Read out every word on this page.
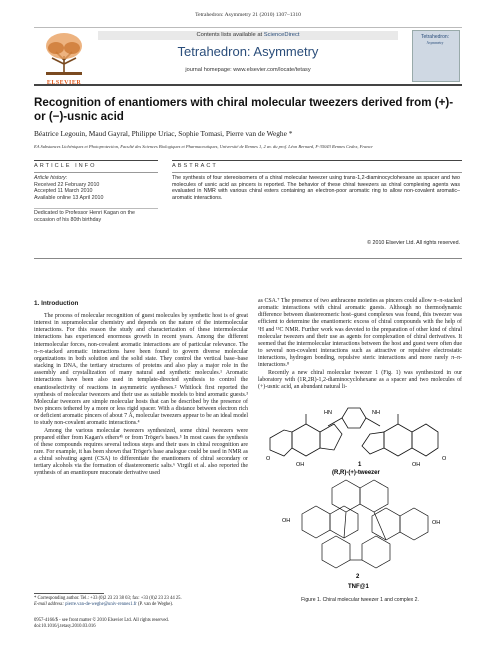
Tetrahedron: Asymmetry 21 (2010) 1307–1310
ELSEVIER
Contents lists available at ScienceDirect
Tetrahedron: Asymmetry
journal homepage: www.elsevier.com/locate/tetasy
Tetrahedron:
Asymmetry
Recognition of enantiomers with chiral molecular tweezers derived from (+)- or (−)-usnic acid
Béatrice Legouin, Maud Gayral, Philippe Uriac, Sophie Tomasi, Pierre van de Weghe *
EA Substances Lichéniques et Photoprotection, Faculté des Sciences Biologiques et Pharmaceutiques, Université de Rennes 1, 2 av. du prof. Léon Bernard, F-35043 Rennes Cedex, France
ARTICLE INFO
Article history:
Received 22 February 2010
Accepted 11 March 2010
Available online 13 April 2010
Dedicated to Professor Henri Kagan on the
occasion of his 80th birthday
ABSTRACT
The synthesis of four stereoisomers of a chiral molecular tweezer using trans-1,2-diaminocyclohexane as spacer and two molecules of usnic acid as pincers is reported. The behavior of these chiral tweezers as chiral complexing agents was evaluated in NMR with various chiral esters containing an electron-poor aromatic ring to allow non-covalent aromatic–aromatic interactions.
© 2010 Elsevier Ltd. All rights reserved.
1. Introduction

The process of molecular recognition of guest molecules by synthetic host is of great interest in supramolecular chemistry and depends on the nature of the intermolecular interactions. For this reason the study and characterization of these intermolecular interactions has experienced enormous growth in recent years. Among the different intermolecular forces, non-covalent aromatic interactions are of particular relevance. The π–π-stacked aromatic interactions have been found to govern diverse molecular organizations in both solution and the solid state. They control the vertical base–base stacking in DNA, the tertiary structures of proteins and also play a major role in the assembly and crystallization of many natural and synthetic molecules.¹ Aromatic interactions have been also used in template-directed synthesis to control the enantioselectivity of reactions in asymmetric syntheses.² Whitlock first reported the synthesis of molecular tweezers and their use as suitable models to bind aromatic guests.³ Molecular tweezers are simple molecular hosts that can be described by the presence of two pincers tethered by a more or less rigid spacer. With a distance between electron rich or deficient aromatic pincers of about 7 Å, molecular tweezers appear to be an ideal model to study non-covalent aromatic interactions.⁴

Among the various molecular tweezers synthesized, some chiral tweezers were prepared either from Kagan's ethers⁴ᵇ or from Tröger's bases.⁵ In most cases the synthesis of these compounds requires several tedious steps and their uses in chiral recognition are rare. For example, it has been shown that Tröger's base analogue could be used in NMR as a chiral solvating agent (CSA) to differentiate the enantiomers of chiral secondary or tertiary alcohols via the formation of diastereomeric salts.⁶ Virgili et al. also reported the synthesis of an enantiopure muconate derivative used

as CSA.⁷ The presence of two anthracene moieties as pincers could allow π–π-stacked aromatic interactions with chiral aromatic guests. Although no thermodynamic difference between diastereomeric host–guest complexes was found, this tweezer was efficient to determine the enantiomeric excess of chiral compounds with the help of ¹H and ¹³C NMR. Further work was devoted to the preparation of other kind of chiral molecular tweezers and their use as agents for complexation of chiral derivatives. It seemed that the intermolecular interactions between the host and guest were often due to several non-covalent interactions such as attractive or repulsive electrostatic interactions, hydrogen bonding, repulsive steric interactions and more rarely π–π-interactions.⁸

Recently a new chiral molecular tweezer 1 (Fig. 1) was synthesized in our laboratory with (1R,2R)-1,2-diaminocyclohexane as a spacer and two molecules of (+)-usnic acid, an abundant natural li-

OH
HN	NH
OH
O	O
1
(R,R)-(+)-tweezer
OH	OH
2
TNF@1
Figure 1. Chiral molecular tweezer 1 and complex 2.
* Corresponding author. Tel.: +33 (0)2 23 23 38 03; fax: +33 (0)2 23 23 44 25.
E-mail address: pierre.van-de-weghe@univ-rennes1.fr (P. van de Weghe).
0957-4166/$ - see front matter © 2010 Elsevier Ltd. All rights reserved.
doi:10.1016/j.tetasy.2010.03.016
